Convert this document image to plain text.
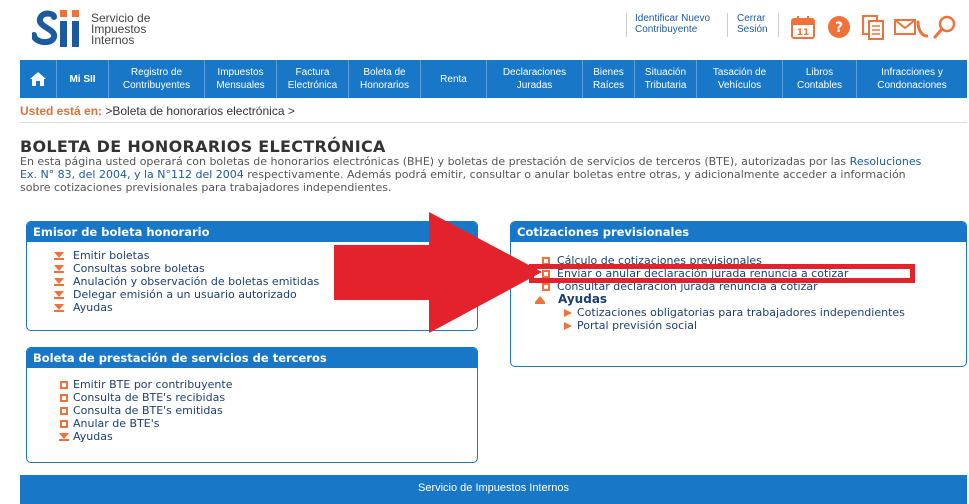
Servicio de
Impuestos
Internos
Identificar Nuevo
Contribuyente
Cerrar
Sesión	11 ?
Mi SII
Registro de
Contribuyentes
Impuestos
Mensuales
Factura
Electrónica
Boleta de
Honorarios
Renta
Declaraciones
Juradas
Bienes
Raíces
Situación
Tributaria
Tasación de
Vehículos
Libros
Contables
Infracciones y
Condonaciones
Usted está en: >Boleta de honorarios electrónica >
BOLETA DE HONORARIOS ELECTRÓNICA
En esta página usted operará con boletas de honorarios electrónicas (BHE) y boletas de prestación de servicios de terceros (BTE), autorizadas por las Resoluciones
Ex. N° 83, del 2004, y la N°112 del 2004 respectivamente. Además podrá emitir, consultar o anular boletas entre otras, y adicionalmente acceder a información
sobre cotizaciones previsionales para trabajadores independientes.
Emisor de boleta honorario
Emitir boletas
Consultas sobre boletas
Anulación y observación de boletas emitidas
Delegar emisión a un usuario autorizado
Ayudas
Boleta de prestación de servicios de terceros
Emitir BTE por contribuyente
Consulta de BTE's recibidas
Consulta de BTE's emitidas
Anular de BTE's
Ayudas
Cotizaciones previsionales
Cálculo de cotizaciones previsionales
Enviar o anular declaración jurada renuncia a cotizar
Consultar declaración jurada renuncia a cotizar
Ayudas
Cotizaciones obligatorias para trabajadores independientes
Portal previsión social
Servicio de Impuestos Internos
